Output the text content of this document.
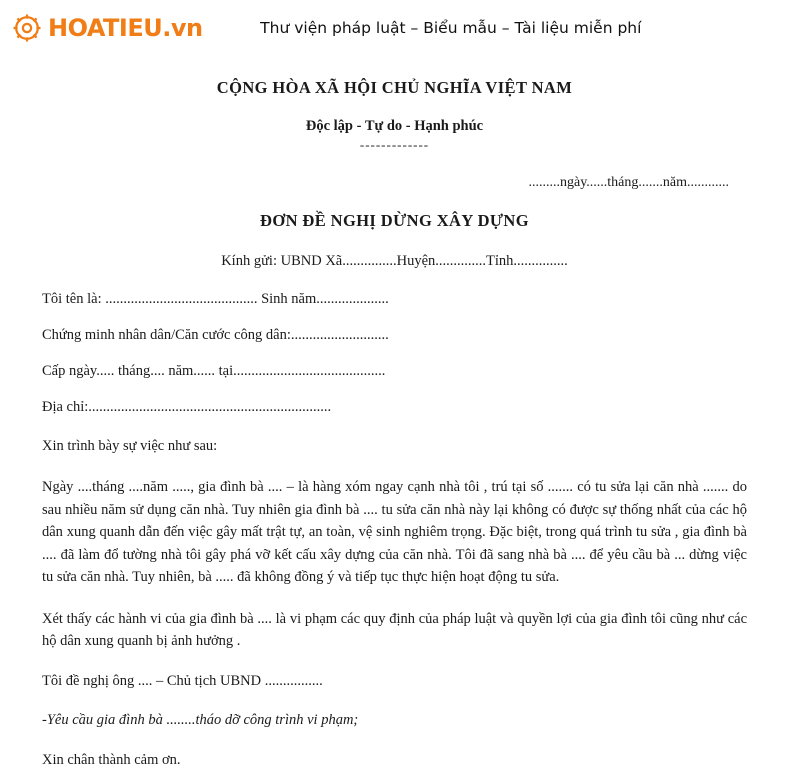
HOATIEU.vn	Thư viện pháp luật – Biểu mẫu – Tài liệu miễn phí
CỘNG HÒA XÃ HỘI CHỦ NGHĨA VIỆT NAM
Độc lập - Tự do - Hạnh phúc
-------------
.........ngày......tháng.......năm............
ĐƠN ĐỀ NGHỊ DỪNG XÂY DỰNG
Kính gửi: UBND Xã...............Huyện..............Tỉnh...............
Tôi tên là: .......................................... Sinh năm....................
Chứng minh nhân dân/Căn cước công dân:...........................
Cấp ngày..... tháng.... năm...... tại..........................................
Địa chỉ:...................................................................
Xin trình bày sự việc như sau:
Ngày ....tháng ....năm ....., gia đình bà .... – là hàng xóm ngay cạnh nhà tôi , trú tại số ....... có tu sửa lại căn nhà ....... do sau nhiều năm sử dụng căn nhà. Tuy nhiên gia đình bà .... tu sửa căn nhà này lại không có được sự thống nhất của các hộ dân xung quanh dẫn đến việc gây mất trật tự, an toàn, vệ sinh nghiêm trọng. Đặc biệt, trong quá trình tu sửa , gia đình bà .... đã làm đổ tường nhà tôi gây phá vỡ kết cấu xây dựng của căn nhà. Tôi đã sang nhà bà .... để yêu cầu bà ... dừng việc tu sửa căn nhà. Tuy nhiên, bà ..... đã không đồng ý và tiếp tục thực hiện hoạt động tu sửa.
Xét thấy các hành vi của gia đình bà .... là vi phạm các quy định của pháp luật và quyền lợi của gia đình tôi cũng như các hộ dân xung quanh bị ảnh hưởng .
Tôi đề nghị ông .... – Chủ tịch UBND ................
-Yêu cầu gia đình bà ........tháo dỡ công trình vi phạm;
Xin chân thành cảm ơn.
